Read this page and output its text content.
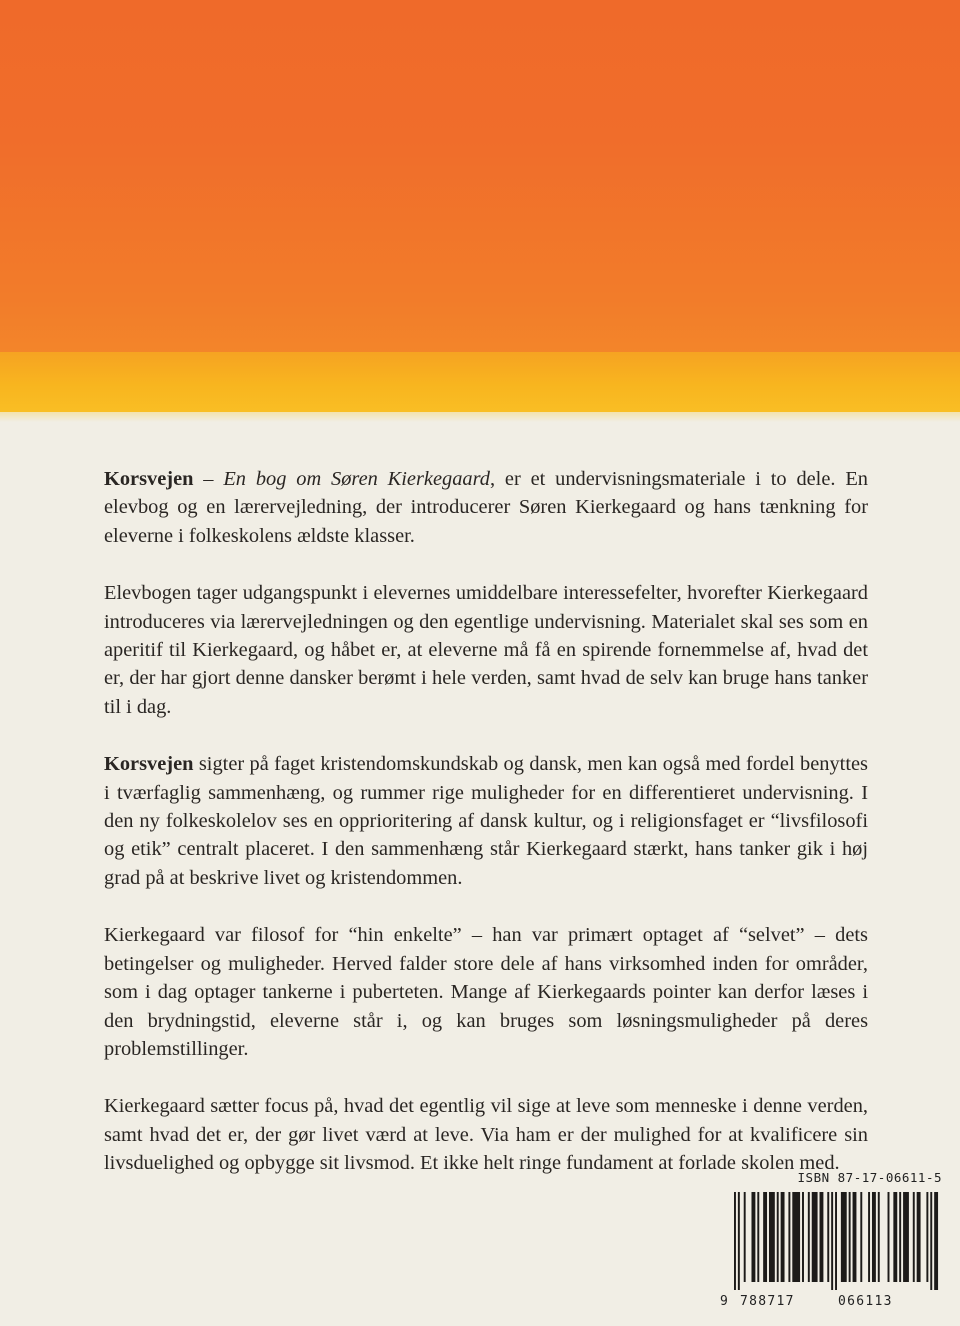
Korsvejen – En bog om Søren Kierkegaard, er et undervisningsmateriale i to dele. En elevbog og en lærervejledning, der introducerer Søren Kierkegaard og hans tænkning for eleverne i folkeskolens ældste klasser.

Elevbogen tager udgangspunkt i elevernes umiddelbare interessefelter, hvorefter Kierkegaard introduceres via lærervejledningen og den egentlige undervisning. Materialet skal ses som en aperitif til Kierkegaard, og håbet er, at eleverne må få en spirende fornemmelse af, hvad det er, der har gjort denne dansker berømt i hele verden, samt hvad de selv kan bruge hans tanker til i dag.

Korsvejen sigter på faget kristendomskundskab og dansk, men kan også med fordel benyttes i tværfaglig sammenhæng, og rummer rige muligheder for en differentieret undervisning. I den ny folkeskolelov ses en opprioritering af dansk kultur, og i religionsfaget er “livsfilosofi og etik” centralt placeret. I den sammenhæng står Kierkegaard stærkt, hans tanker gik i høj grad på at beskrive livet og kristendommen.

Kierkegaard var filosof for “hin enkelte” – han var primært optaget af “selvet” – dets betingelser og muligheder. Herved falder store dele af hans virksomhed inden for områder, som i dag optager tankerne i puberteten. Mange af Kierkegaards pointer kan derfor læses i den brydningstid, eleverne står i, og kan bruges som løsningsmuligheder på deres problemstillinger.

Kierkegaard sætter focus på, hvad det egentlig vil sige at leve som menneske i denne verden, samt hvad det er, der gør livet værd at leve. Via ham er der mulighed for at kvalificere sin livsduelighed og opbygge sit livsmod. Et ikke helt ringe fundament at forlade skolen med.

ISBN 87-17-06611-5
9 788717	066113
